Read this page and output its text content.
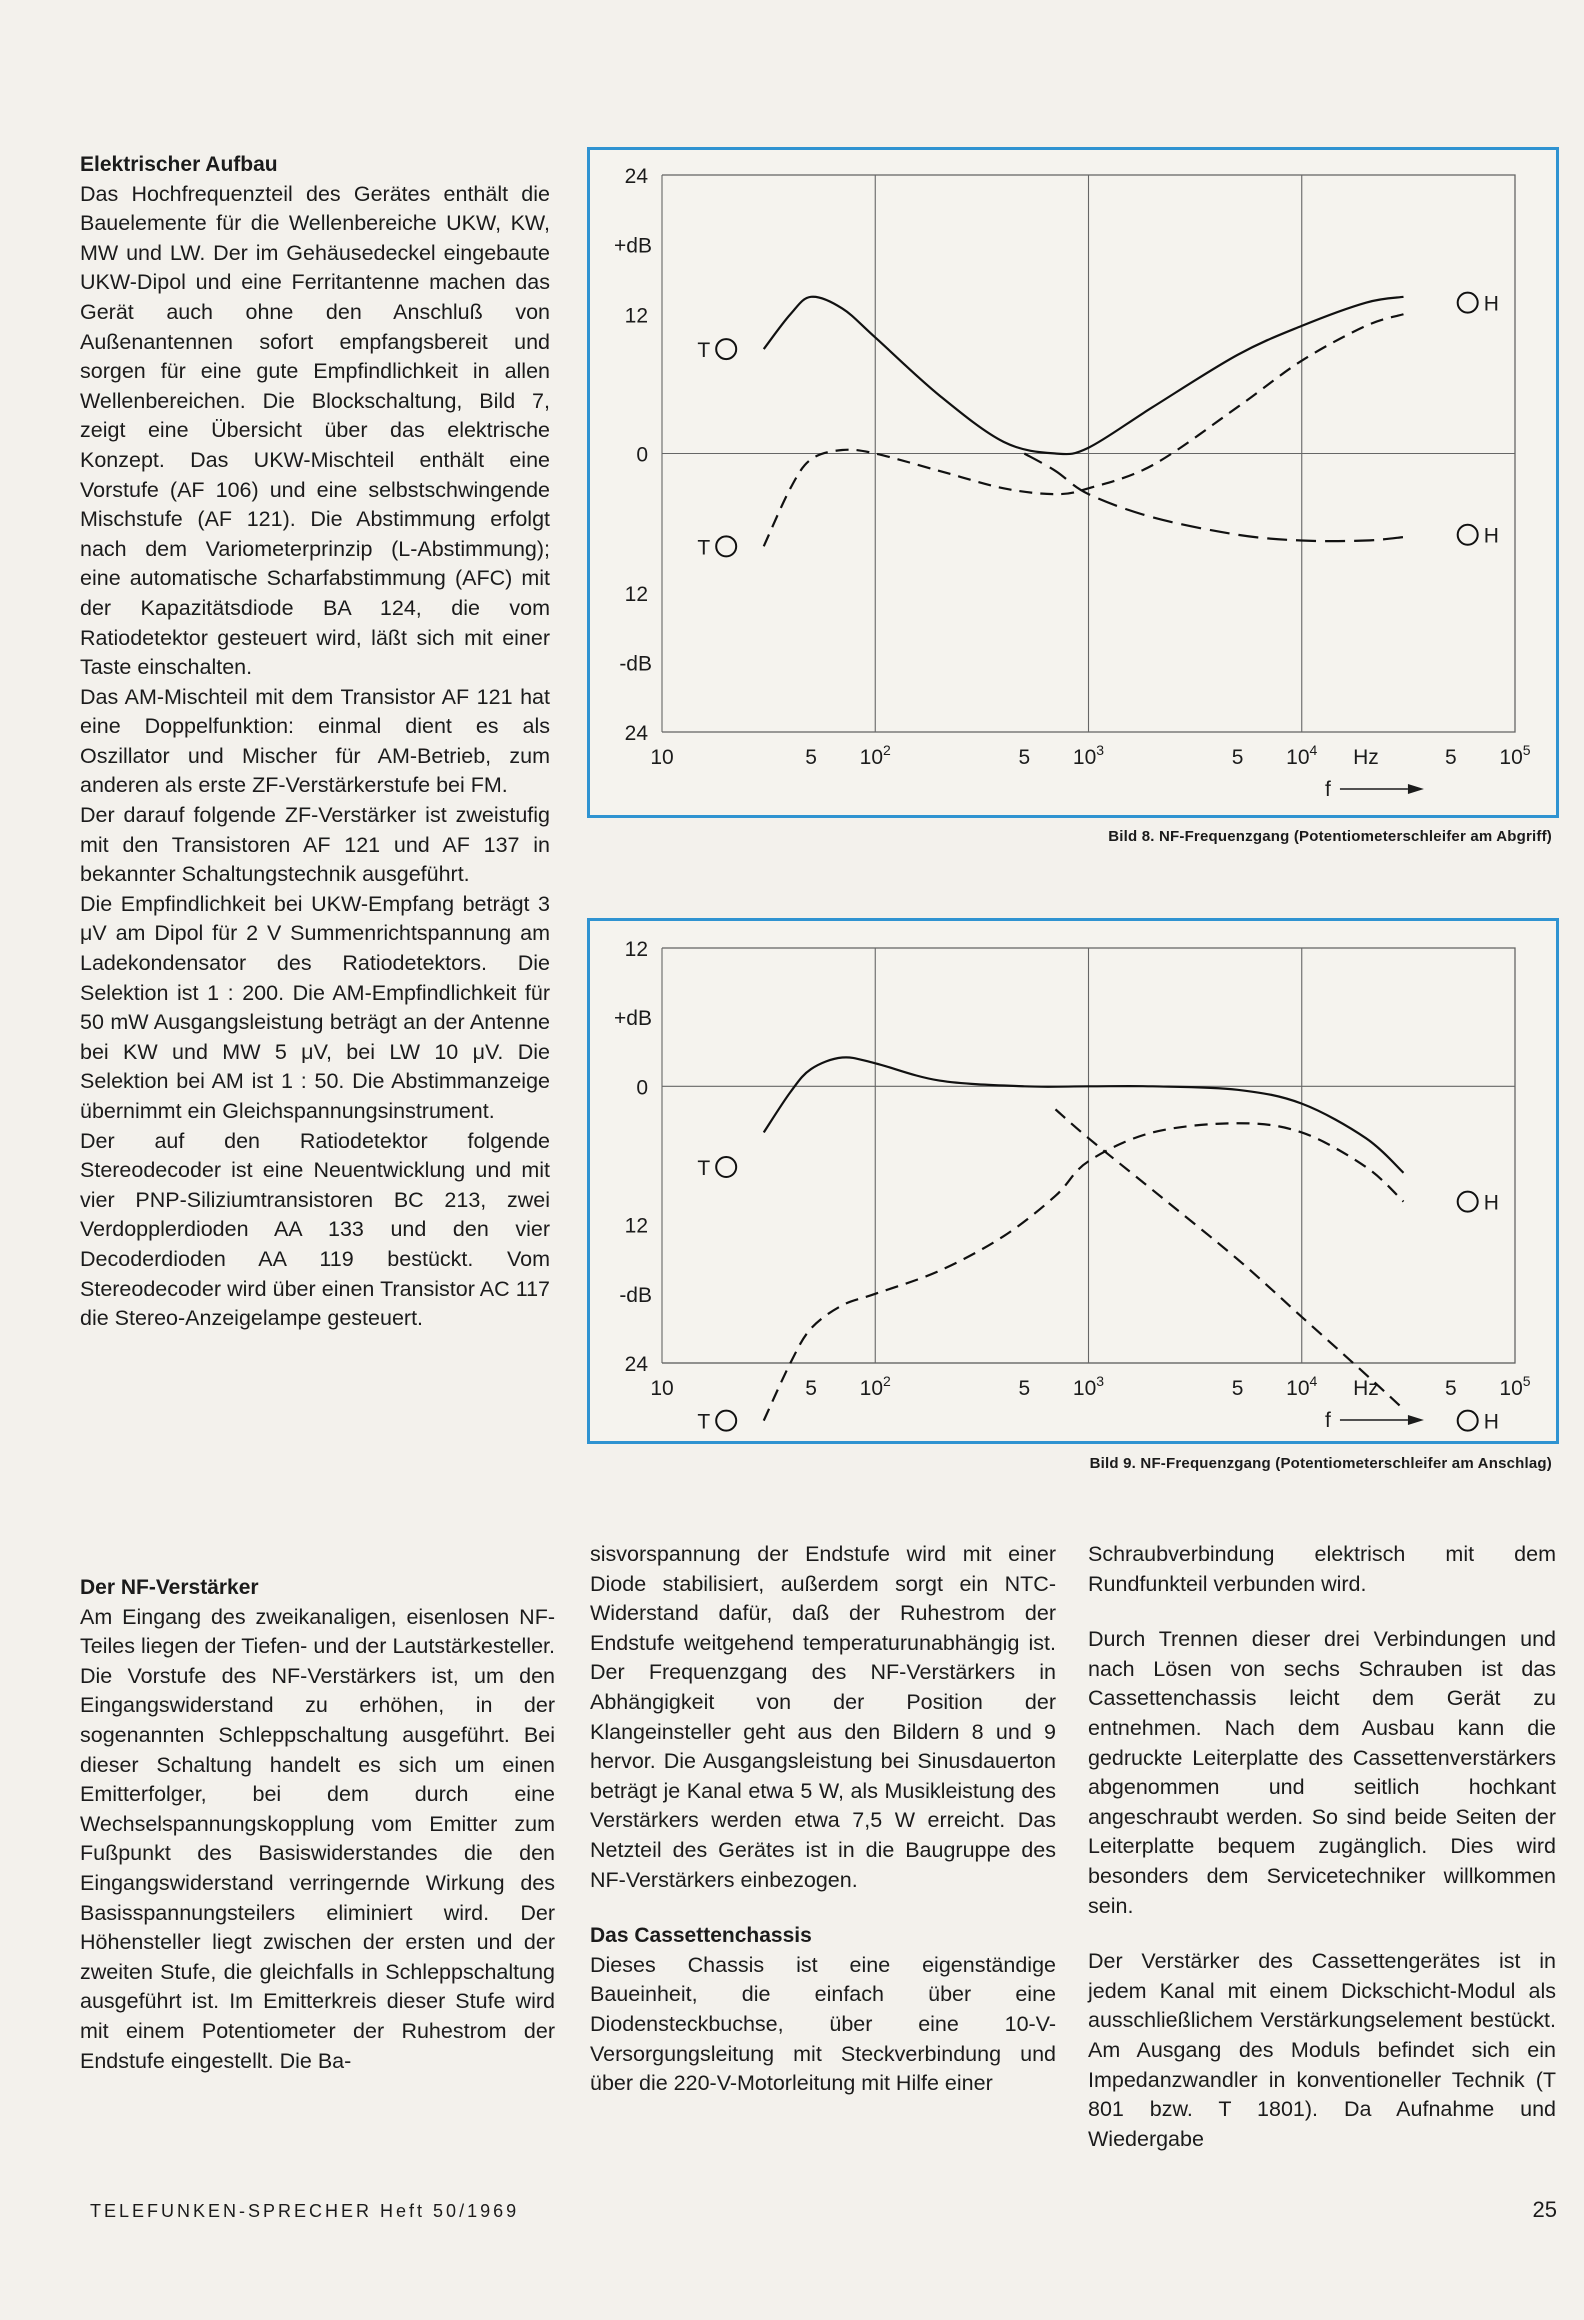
Elektrischer Aufbau

Das Hochfrequenzteil des Gerätes enthält die Bauelemente für die Wellenbereiche UKW, KW, MW und LW. Der im Gehäusedeckel eingebaute UKW-Dipol und eine Ferritantenne machen das Gerät auch ohne den Anschluß von Außenantennen sofort empfangsbereit und sorgen für eine gute Empfindlichkeit in allen Wellenbereichen. Die Blockschaltung, Bild 7, zeigt eine Übersicht über das elektrische Konzept. Das UKW-Mischteil enthält eine Vorstufe (AF 106) und eine selbstschwingende Mischstufe (AF 121). Die Abstimmung erfolgt nach dem Variometerprinzip (L-Abstimmung); eine automatische Scharfabstimmung (AFC) mit der Kapazitätsdiode BA 124, die vom Ratiodetektor gesteuert wird, läßt sich mit einer Taste einschalten.

Das AM-Mischteil mit dem Transistor AF 121 hat eine Doppelfunktion: einmal dient es als Oszillator und Mischer für AM-Betrieb, zum anderen als erste ZF-Verstärkerstufe bei FM.

Der darauf folgende ZF-Verstärker ist zweistufig mit den Transistoren AF 121 und AF 137 in bekannter Schaltungstechnik ausgeführt.

Die Empfindlichkeit bei UKW-Empfang beträgt 3 μV am Dipol für 2 V Summenrichtspannung am Ladekondensator des Ratiodetektors. Die Selektion ist 1 : 200. Die AM-Empfindlichkeit für 50 mW Ausgangsleistung beträgt an der Antenne bei KW und MW 5 μV, bei LW 10 μV. Die Selektion bei AM ist 1 : 50. Die Abstimmanzeige übernimmt ein Gleichspannungsinstrument.

Der auf den Ratiodetektor folgende Stereodecoder ist eine Neuentwicklung und mit vier PNP-Siliziumtransistoren BC 213, zwei Verdopplerdioden AA 133 und den vier Decoderdioden AA 119 bestückt. Vom Stereodecoder wird über einen Transistor AC 117 die Stereo-Anzeigelampe gesteuert.

Der NF-Verstärker

Am Eingang des zweikanaligen, eisenlosen NF-Teiles liegen der Tiefen- und der Lautstärkesteller. Die Vorstufe des NF-Verstärkers ist, um den Eingangswiderstand zu erhöhen, in der sogenannten Schleppschaltung ausgeführt. Bei dieser Schaltung handelt es sich um einen Emitterfolger, bei dem durch eine Wechselspannungskopplung vom Emitter zum Fußpunkt des Basiswiderstandes die den Eingangswiderstand verringernde Wirkung des Basisspannungsteilers eliminiert wird. Der Höhensteller liegt zwischen der ersten und der zweiten Stufe, die gleichfalls in Schleppschaltung ausgeführt ist. Im Emitterkreis dieser Stufe wird mit einem Potentiometer der Ruhestrom der Endstufe eingestellt. Die Ba-

sisvorspannung der Endstufe wird mit einer Diode stabilisiert, außerdem sorgt ein NTC-Widerstand dafür, daß der Ruhestrom der Endstufe weitgehend temperaturunabhängig ist. Der Frequenzgang des NF-Verstärkers in Abhängigkeit von der Position der Klangeinsteller geht aus den Bildern 8 und 9 hervor. Die Ausgangsleistung bei Sinusdauerton beträgt je Kanal etwa 5 W, als Musikleistung des Verstärkers werden etwa 7,5 W erreicht. Das Netzteil des Gerätes ist in die Baugruppe des NF-Verstärkers einbezogen.

Das Cassettenchassis

Dieses Chassis ist eine eigenständige Baueinheit, die einfach über eine Diodensteckbuchse, über eine 10-V-Versorgungsleitung mit Steckverbindung und über die 220-V-Motorleitung mit Hilfe einer

Schraubverbindung elektrisch mit dem Rundfunkteil verbunden wird.

Durch Trennen dieser drei Verbindungen und nach Lösen von sechs Schrauben ist das Cassettenchassis leicht dem Gerät zu entnehmen. Nach dem Ausbau kann die gedruckte Leiterplatte des Cassettenverstärkers abgenommen und seitlich hochkant angeschraubt werden. So sind beide Seiten der Leiterplatte bequem zugänglich. Dies wird besonders dem Servicetechniker willkommen sein.

Der Verstärker des Cassettengerätes ist in jedem Kanal mit einem Dickschicht-Modul als ausschließlichem Verstärkungselement bestückt. Am Ausgang des Moduls befindet sich ein Impedanzwandler in konventioneller Technik (T 801 bzw. T 1801). Da Aufnahme und Wiedergabe

24
12
0
12
24
+dB
-dB
10	5 $10^2$	5 $10^3$	5 $10^4$	5 $10^5$
Hz
f
T
T
H
H
Bild 8. NF-Frequenzgang (Potentiometerschleifer am Abgriff)
12
0
12
24
+dB
-dB
10	5 $10^2$	5 $10^3$	5 $10^4$	5 $10^5$
Hz
f
T
T
H
H
Bild 9. NF-Frequenzgang (Potentiometerschleifer am Anschlag)
TELEFUNKEN-SPRECHER Heft 50/1969	25
